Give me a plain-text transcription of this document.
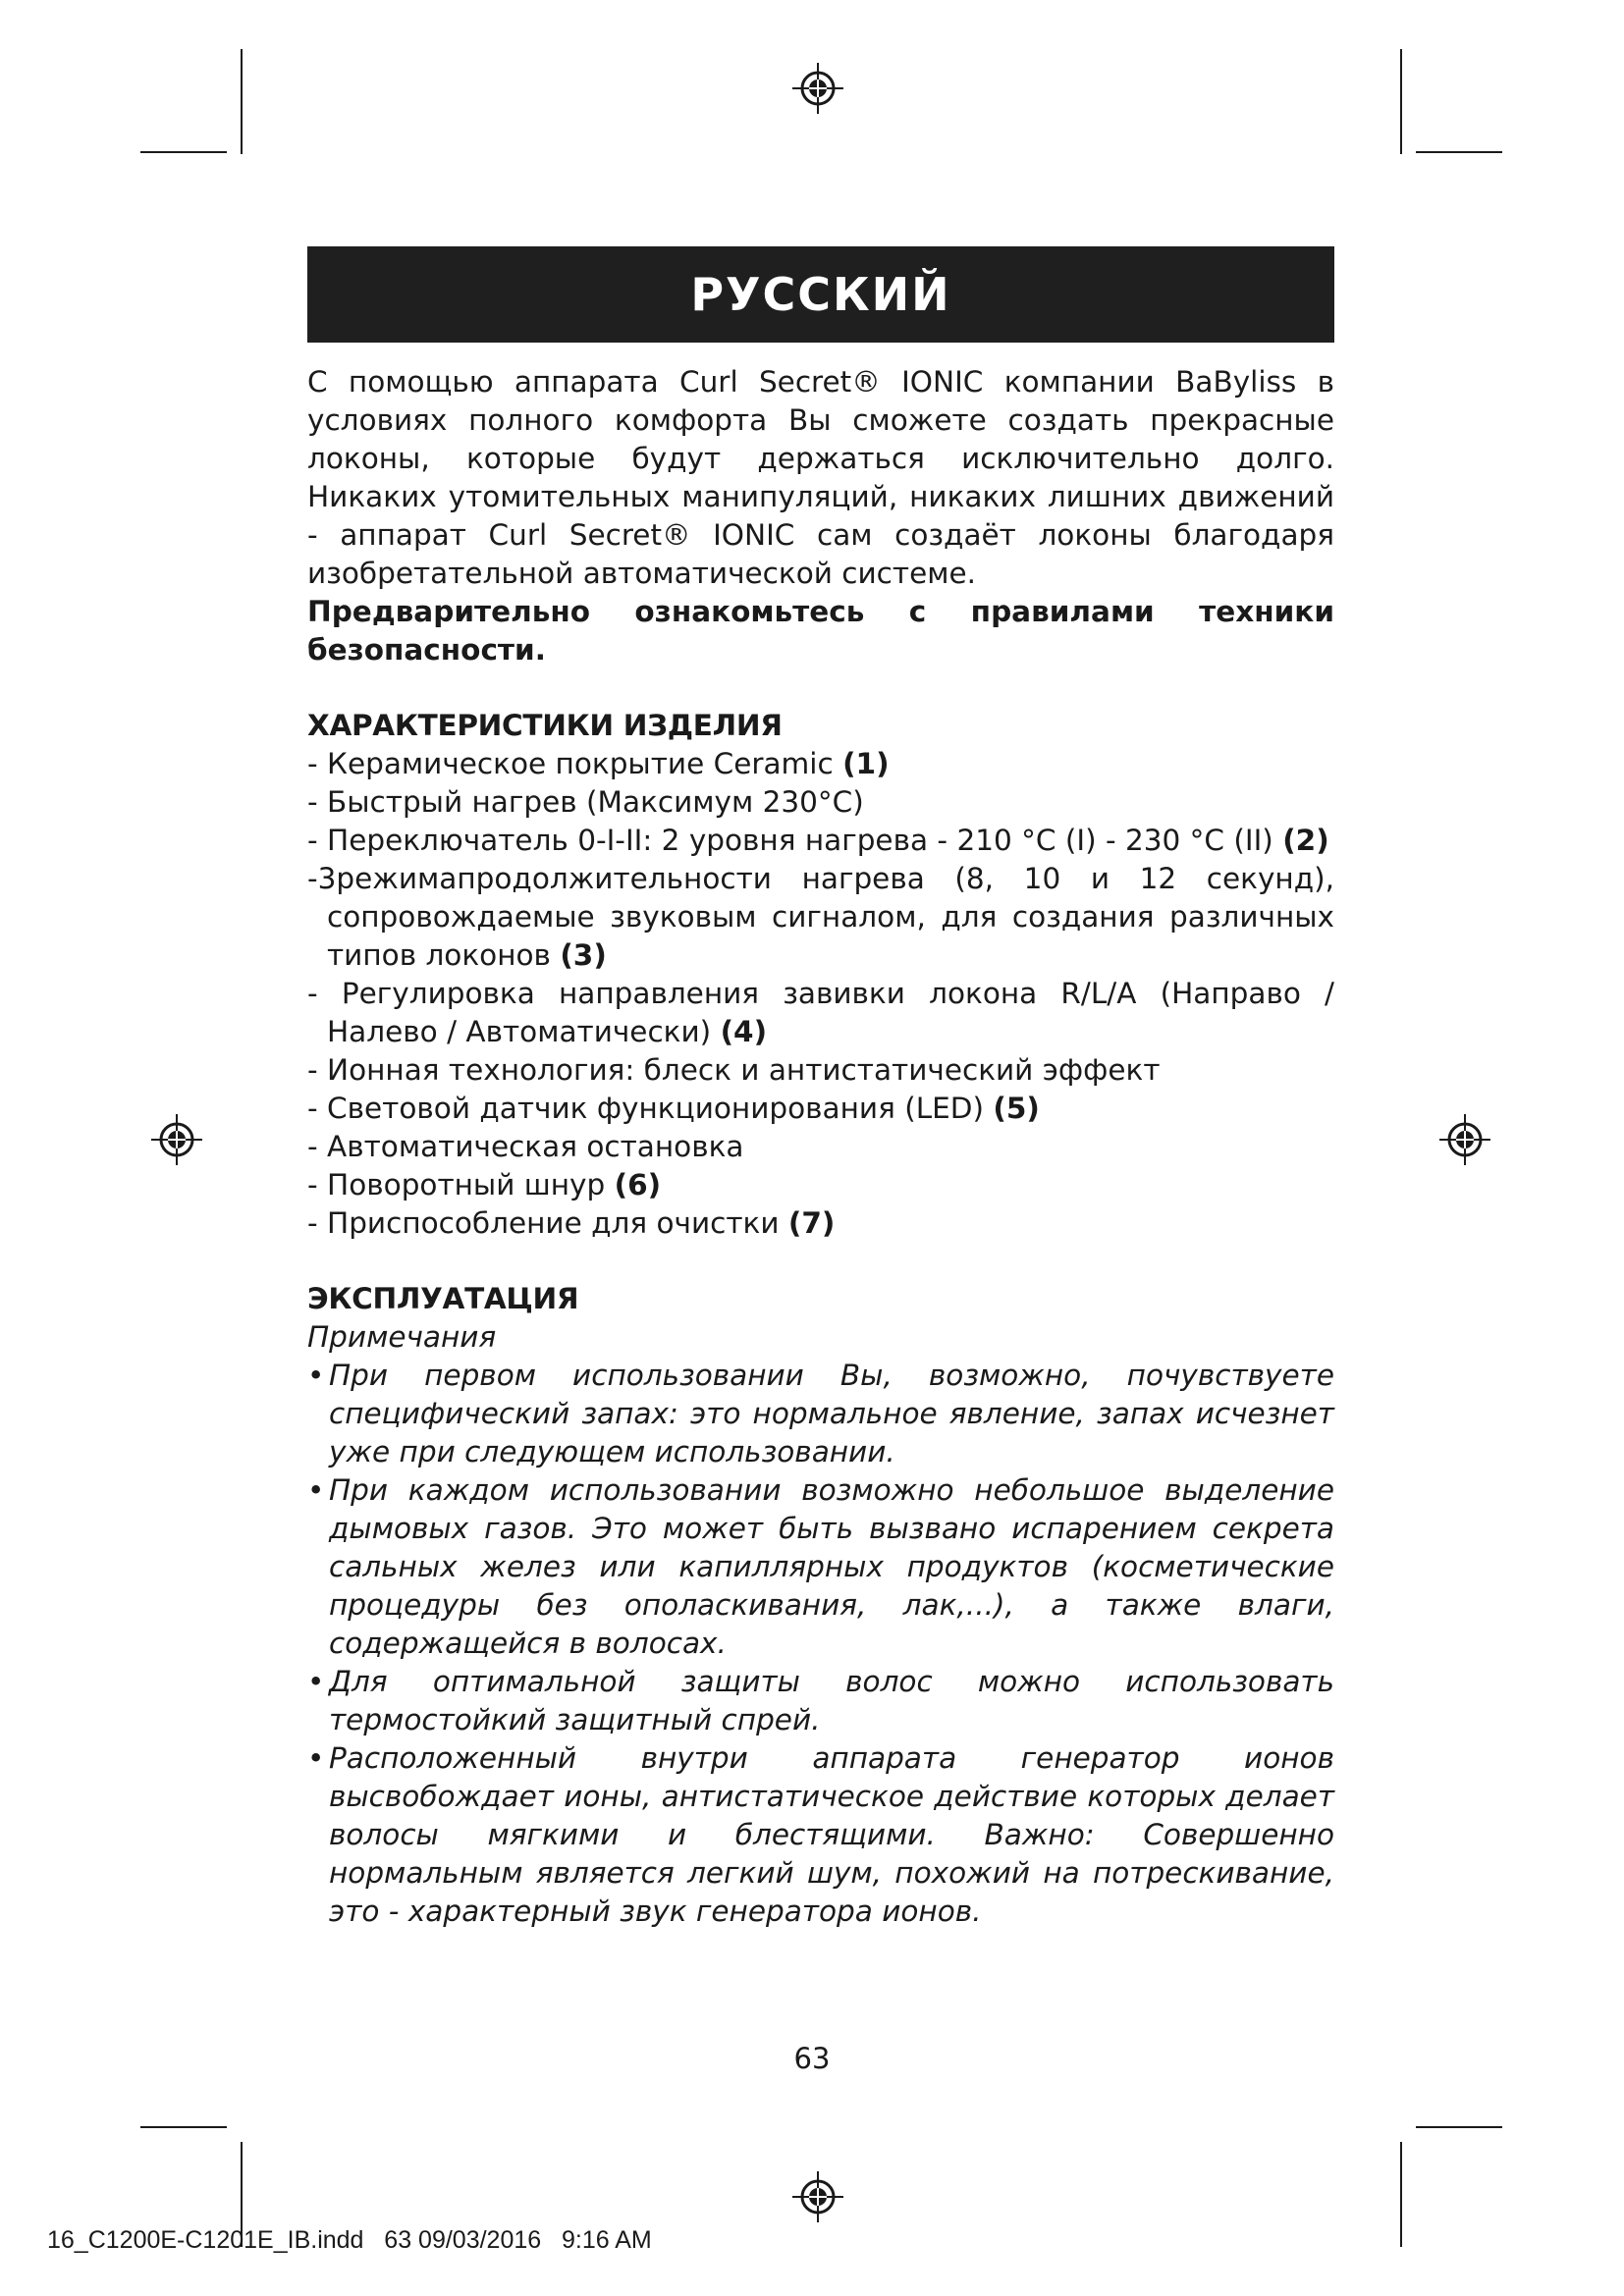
РУССКИЙ

С помощью аппарата Curl Secret® IONIC компании BaByliss в условиях полного комфорта Вы сможете создать прекрасные локоны, которые будут держаться исключительно долго. Никаких утомительных манипуляций, никаких лишних движений - аппарат Curl Secret® IONIC сам создаёт локоны благодаря изобретательной автоматической системе.

Предварительно ознакомьтесь с правилами техники безопасности.

ХАРАКТЕРИСТИКИ ИЗДЕЛИЯ
- Керамическое покрытие Ceramic (1)
- Быстрый нагрев (Максимум 230°C)
- Переключатель 0-I-II: 2 уровня нагрева - 210 °C (I) - 230 °C (II) (2)
-3режимапродолжительности нагрева (8, 10 и 12 секунд), сопровождаемые звуковым сигналом, для создания различных типов локонов (3)
- Регулировка направления завивки локона R/L/A (Направо / Налево / Автоматически) (4)
- Ионная технология: блеск и антистатический эффект
- Световой датчик функционирования (LED) (5)
- Автоматическая остановка
- Поворотный шнур (6)
- Приспособление для очистки (7)
ЭКСПЛУАТАЦИЯ
Примечания
• При первом использовании Вы, возможно, почувствуете специфический запах: это нормальное явление, запах исчезнет уже при следующем использовании.
• При каждом использовании возможно небольшое выделение дымовых газов. Это может быть вызвано испарением секрета сальных желез или капиллярных продуктов (косметические процедуры без ополаскивания, лак,...), а также влаги, содержащейся в волосах.
• Для оптимальной защиты волос можно использовать термостойкий защитный спрей.
• Расположенный внутри аппарата генератор ионов высвобождает ионы, антистатическое действие которых делает волосы мягкими и блестящими. Важно: Совершенно нормальным является легкий шум, похожий на потрескивание, это - характерный звук генератора ионов.
63
16_C1200E-C1201E_IB.indd   63 09/03/2016   9:16 AM
